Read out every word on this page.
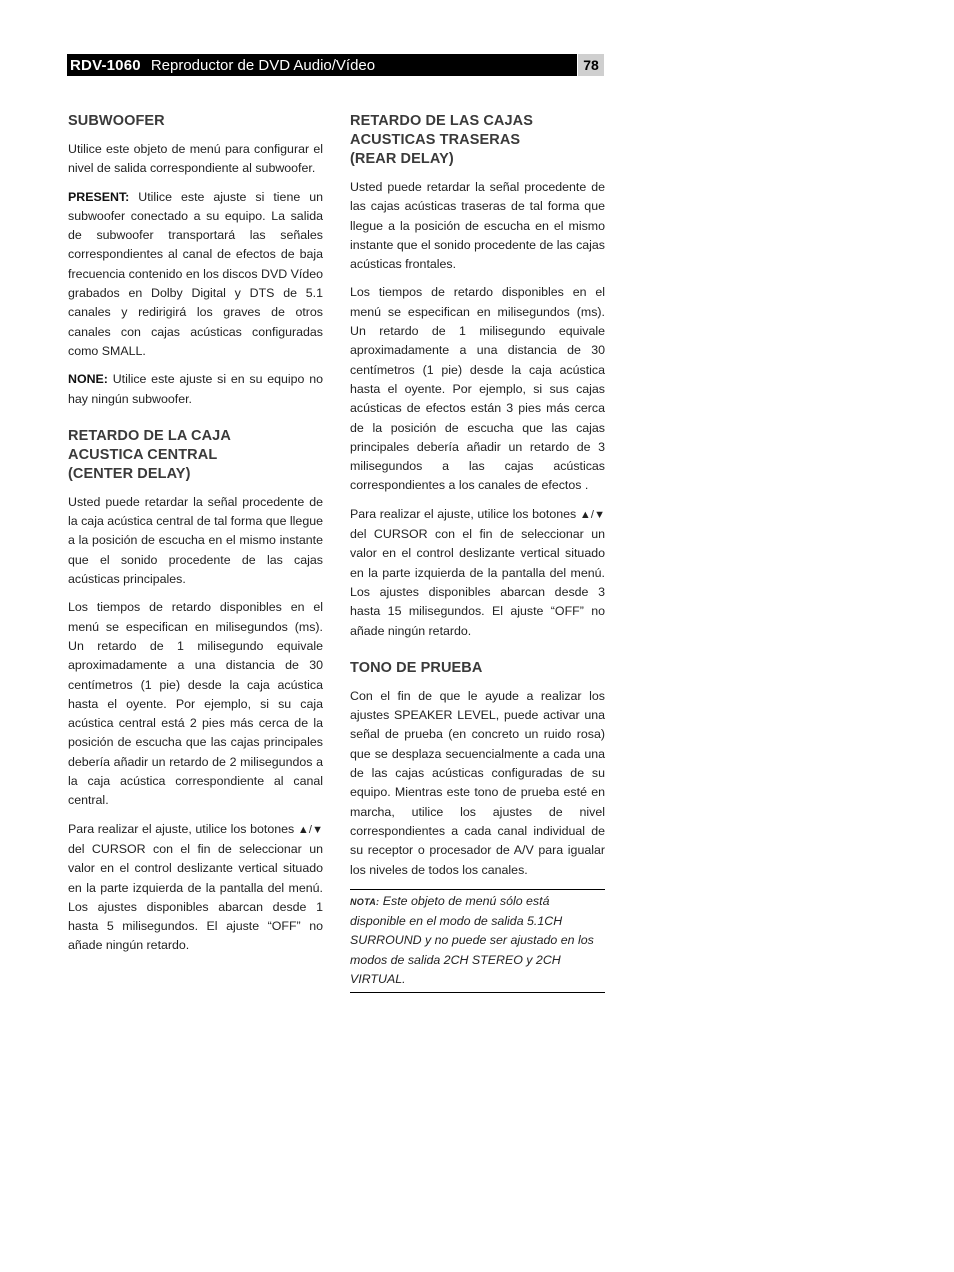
RDV-1060 Reproductor de DVD Audio/Vídeo	78
SUBWOOFER

Utilice este objeto de menú para configurar el nivel de salida correspondiente al subwoofer.

PRESENT: Utilice este ajuste si tiene un subwoofer conectado a su equipo. La salida de subwoofer transportará las señales correspondientes al canal de efectos de baja frecuencia contenido en los discos DVD Vídeo grabados en Dolby Digital y DTS de 5.1 canales y redirigirá los graves de otros canales con cajas acústicas configuradas como SMALL.

NONE: Utilice este ajuste si en su equipo no hay ningún subwoofer.

RETARDO DE LA CAJA
ACUSTICA CENTRAL
(CENTER DELAY)

Usted puede retardar la señal procedente de la caja acústica central de tal forma que llegue a la posición de escucha en el mismo instante que el sonido procedente de las cajas acústicas principales.

Los tiempos de retardo disponibles en el menú se especifican en milisegundos (ms). Un retardo de 1 milisegundo equivale aproximadamente a una distancia de 30 centímetros (1 pie) desde la caja acústica hasta el oyente. Por ejemplo, si su caja acústica central está 2 pies más cerca de la posición de escucha que las cajas principales debería añadir un retardo de 2 milisegundos a la caja acústica correspondiente al canal central.

Para realizar el ajuste, utilice los botones ▲/▼ del CURSOR con el fin de seleccionar un valor en el control deslizante vertical situado en la parte izquierda de la pantalla del menú. Los ajustes disponibles abarcan desde 1 hasta 5 milisegundos. El ajuste “OFF” no añade ningún retardo.

RETARDO DE LAS CAJAS
ACUSTICAS TRASERAS
(REAR DELAY)

Usted puede retardar la señal procedente de las cajas acústicas traseras de tal forma que llegue a la posición de escucha en el mismo instante que el sonido procedente de las cajas acústicas frontales.

Los tiempos de retardo disponibles en el menú se especifican en milisegundos (ms). Un retardo de 1 milisegundo equivale aproximadamente a una distancia de 30 centímetros (1 pie) desde la caja acústica hasta el oyente. Por ejemplo, si sus cajas acústicas de efectos están 3 pies más cerca de la posición de escucha que las cajas principales debería añadir un retardo de 3 milisegundos a las cajas acústicas correspondientes a los canales de efectos .

Para realizar el ajuste, utilice los botones ▲/▼ del CURSOR con el fin de seleccionar un valor en el control deslizante vertical situado en la parte izquierda de la pantalla del menú. Los ajustes disponibles abarcan desde 3 hasta 15 milisegundos. El ajuste “OFF” no añade ningún retardo.

TONO DE PRUEBA

Con el fin de que le ayude a realizar los ajustes SPEAKER LEVEL, puede activar una señal de prueba (en concreto un ruido rosa) que se desplaza secuencialmente a cada una de las cajas acústicas configuradas de su equipo. Mientras este tono de prueba esté en marcha, utilice los ajustes de nivel correspondientes a cada canal individual de su receptor o procesador de A/V para igualar los niveles de todos los canales.

NOTA: Este objeto de menú sólo está disponible en el modo de salida 5.1CH SURROUND y no puede ser ajustado en los modos de salida 2CH STEREO y 2CH VIRTUAL.
